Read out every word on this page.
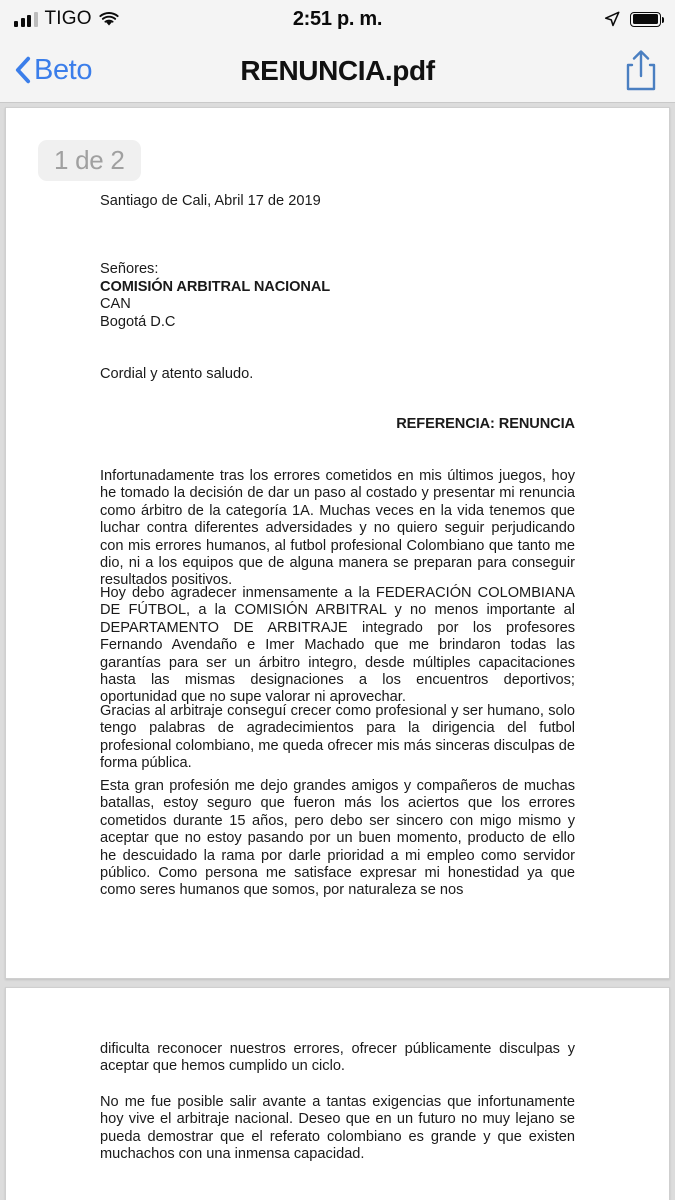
TIGO	2:51 p. m.
Beto	RENUNCIA.pdf
1 de 2
Santiago de Cali, Abril 17 de 2019
Señores:
COMISIÓN ARBITRAL NACIONAL
CAN
Bogotá D.C
Cordial y atento saludo.
REFERENCIA: RENUNCIA
Infortunadamente tras los errores cometidos en mis últimos juegos, hoy he tomado la decisión de dar un paso al costado y presentar mi renuncia como árbitro de la categoría 1A. Muchas veces en la vida tenemos que luchar contra diferentes adversidades y no quiero seguir perjudicando con mis errores humanos, al futbol profesional Colombiano que tanto me dio, ni a los equipos que de alguna manera se preparan para conseguir resultados positivos.
Hoy debo agradecer inmensamente a la FEDERACIÓN COLOMBIANA DE FÚTBOL, a la COMISIÓN ARBITRAL y no menos importante al DEPARTAMENTO DE ARBITRAJE integrado por los profesores Fernando Avendaño e Imer Machado que me brindaron todas las garantías para ser un árbitro integro, desde múltiples capacitaciones hasta las mismas designaciones a los encuentros deportivos; oportunidad que no supe valorar ni aprovechar.
Gracias al arbitraje conseguí crecer como profesional y ser humano, solo tengo palabras de agradecimientos para la dirigencia del futbol profesional colombiano, me queda ofrecer mis más sinceras disculpas de forma pública.
Esta gran profesión me dejo grandes amigos y compañeros de muchas batallas, estoy seguro que fueron más los aciertos que los errores cometidos durante 15 años, pero debo ser sincero con migo mismo y aceptar que no estoy pasando por un buen momento, producto de ello he descuidado la rama por darle prioridad a mi empleo como servidor público. Como persona me satisface expresar mi honestidad ya que como seres humanos que somos, por naturaleza se nos
dificulta reconocer nuestros errores, ofrecer públicamente disculpas y aceptar que hemos cumplido un ciclo.
No me fue posible salir avante a tantas exigencias que infortunamente hoy vive el arbitraje nacional. Deseo que en un futuro no muy lejano se pueda demostrar que el referato colombiano es grande y que existen muchachos con una inmensa capacidad.
